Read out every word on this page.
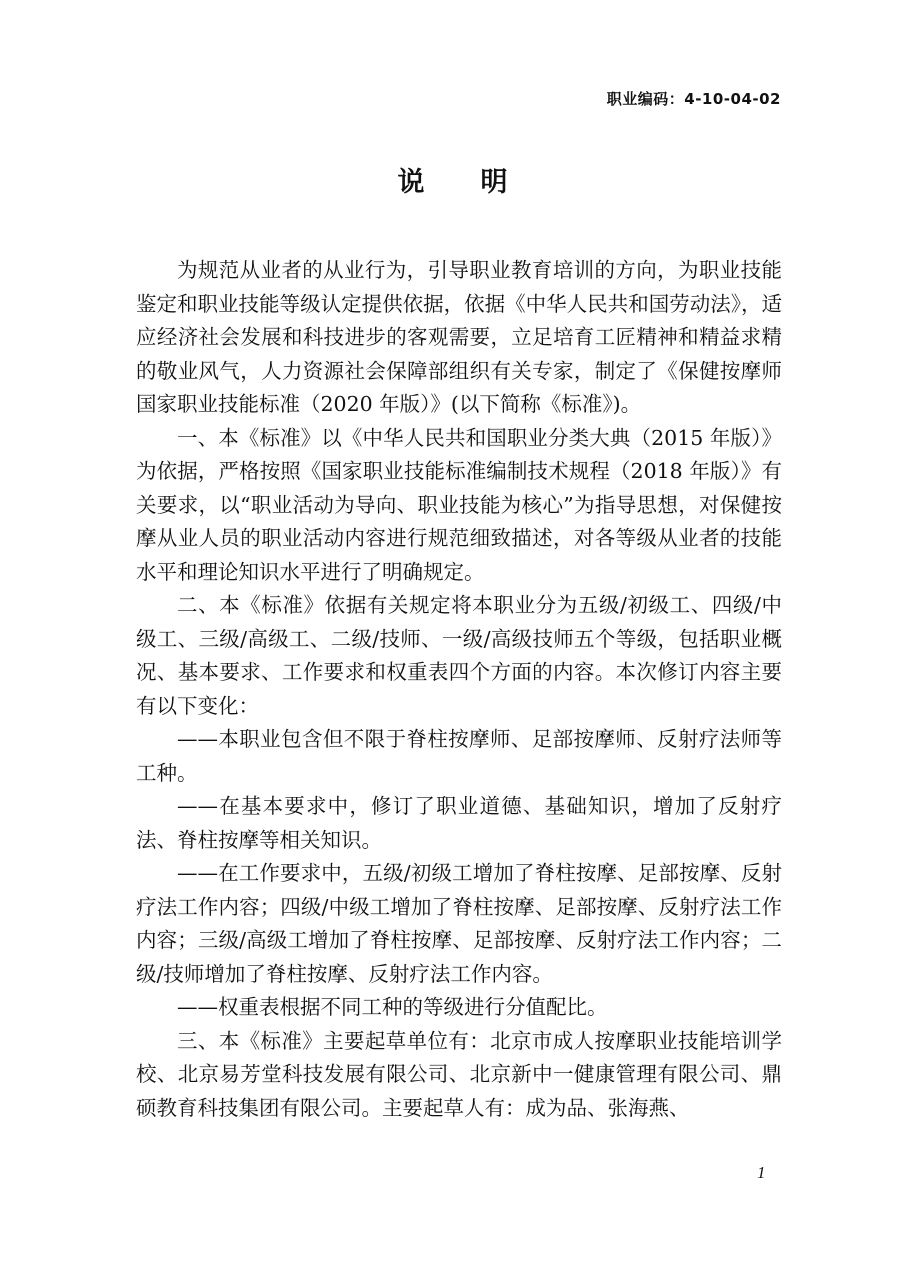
职业编码：4-10-04-02
说明

为规范从业者的从业行为，引导职业教育培训的方向，为职业技能鉴定和职业技能等级认定提供依据，依据《中华人民共和国劳动法》，适应经济社会发展和科技进步的客观需要，立足培育工匠精神和精益求精的敬业风气，人力资源社会保障部组织有关专家，制定了《保健按摩师国家职业技能标准（2020 年版）》(以下简称《标准》)。

一、本《标准》以《中华人民共和国职业分类大典（2015 年版）》为依据，严格按照《国家职业技能标准编制技术规程（2018 年版）》有关要求，以“职业活动为导向、职业技能为核心”为指导思想，对保健按摩从业人员的职业活动内容进行规范细致描述，对各等级从业者的技能水平和理论知识水平进行了明确规定。

二、本《标准》依据有关规定将本职业分为五级/初级工、四级/中级工、三级/高级工、二级/技师、一级/高级技师五个等级，包括职业概况、基本要求、工作要求和权重表四个方面的内容。本次修订内容主要有以下变化：

——本职业包含但不限于脊柱按摩师、足部按摩师、反射疗法师等工种。

——在基本要求中，修订了职业道德、基础知识，增加了反射疗法、脊柱按摩等相关知识。

——在工作要求中，五级/初级工增加了脊柱按摩、足部按摩、反射疗法工作内容；四级/中级工增加了脊柱按摩、足部按摩、反射疗法工作内容；三级/高级工增加了脊柱按摩、足部按摩、反射疗法工作内容；二级/技师增加了脊柱按摩、反射疗法工作内容。

——权重表根据不同工种的等级进行分值配比。

三、本《标准》主要起草单位有：北京市成人按摩职业技能培训学校、北京易芳堂科技发展有限公司、北京新中一健康管理有限公司、鼎硕教育科技集团有限公司。主要起草人有：成为品、张海燕、

1
